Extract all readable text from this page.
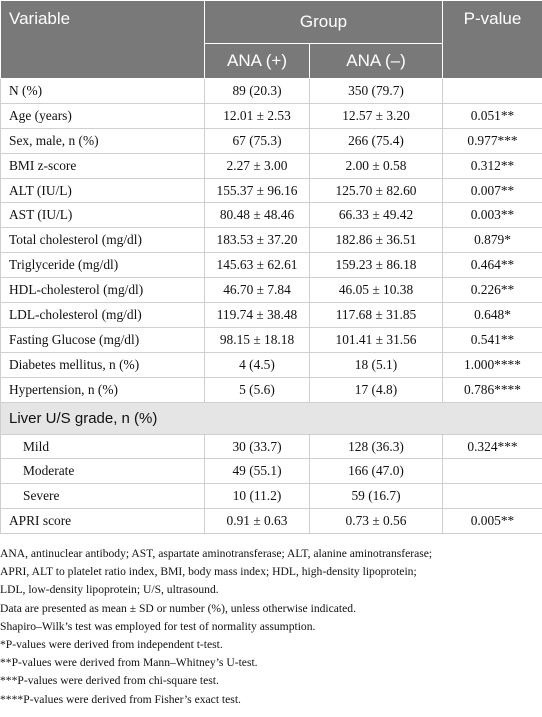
Variable	Group		P-value
	ANA (+)	ANA (–)	
N (%)	89 (20.3)	350 (79.7)	
Age (years)	12.01 ± 2.53	12.57 ± 3.20	0.051**
Sex, male, n (%)	67 (75.3)	266 (75.4)	0.977***
BMI z-score	2.27 ± 3.00	2.00 ± 0.58	0.312**
ALT (IU/L)	155.37 ± 96.16	125.70 ± 82.60	0.007**
AST (IU/L)	80.48 ± 48.46	66.33 ± 49.42	0.003**
Total cholesterol (mg/dl)	183.53 ± 37.20	182.86 ± 36.51	0.879*
Triglyceride (mg/dl)	145.63 ± 62.61	159.23 ± 86.18	0.464**
HDL-cholesterol (mg/dl)	46.70 ± 7.84	46.05 ± 10.38	0.226**
LDL-cholesterol (mg/dl)	119.74 ± 38.48	117.68 ± 31.85	0.648*
Fasting Glucose (mg/dl)	98.15 ± 18.18	101.41 ± 31.56	0.541**
Diabetes mellitus, n (%)	4 (4.5)	18 (5.1)	1.000****
Hypertension, n (%)	5 (5.6)	17 (4.8)	0.786****
Liver U/S grade, n (%)			
Mild	30 (33.7)	128 (36.3)	0.324***
Moderate	49 (55.1)	166 (47.0)	
Severe	10 (11.2)	59 (16.7)	
APRI score	0.91 ± 0.63	0.73 ± 0.56	0.005**

ANA, antinuclear antibody; AST, aspartate aminotransferase; ALT, alanine aminotransferase;

APRI, ALT to platelet ratio index, BMI, body mass index; HDL, high-density lipoprotein;

LDL, low-density lipoprotein; U/S, ultrasound.

Data are presented as mean ± SD or number (%), unless otherwise indicated.

Shapiro–Wilk’s test was employed for test of normality assumption.

*P-values were derived from independent t-test.

**P-values were derived from Mann–Whitney’s U-test.

***P-values were derived from chi-square test.

****P-values were derived from Fisher’s exact test.
